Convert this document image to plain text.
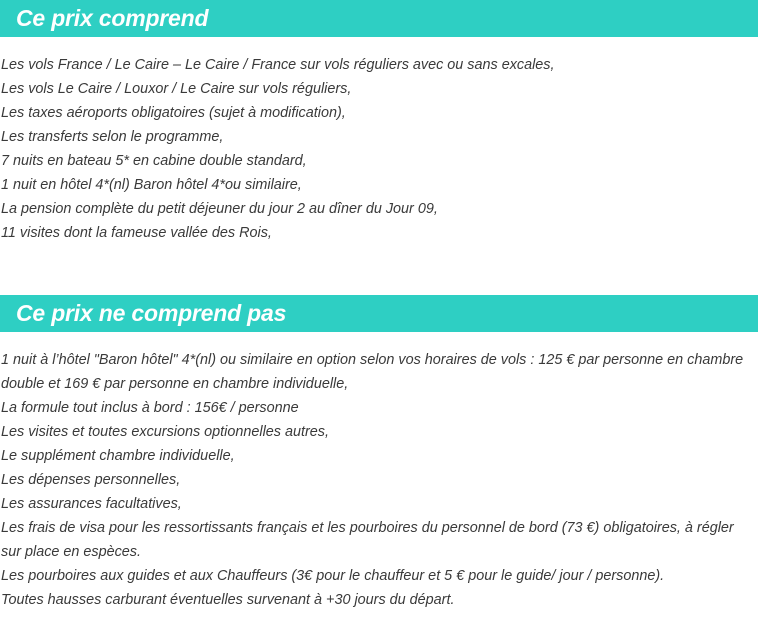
Ce prix comprend
Les vols France / Le Caire – Le Caire / France sur vols réguliers avec ou sans excales,
Les vols Le Caire / Louxor / Le Caire sur vols réguliers,
Les taxes aéroports obligatoires (sujet à modification),
Les transferts selon le programme,
7 nuits en bateau 5* en cabine double standard,
1 nuit en hôtel 4*(nl) Baron hôtel 4*ou similaire,
La pension complète du petit déjeuner du jour 2 au dîner du Jour 09,
11 visites dont la fameuse vallée des Rois,
Ce prix ne comprend pas
1 nuit à l’hôtel "Baron hôtel" 4*(nl) ou similaire en option selon vos horaires de vols : 125 € par personne en chambre double et 169 € par personne en chambre individuelle,
La formule tout inclus à bord : 156€ / personne
Les visites et toutes excursions optionnelles autres,
Le supplément chambre individuelle,
Les dépenses personnelles,
Les assurances facultatives,
Les frais de visa pour les ressortissants français et les pourboires du personnel de bord (73 €) obligatoires, à régler sur place en espèces.
Les pourboires aux guides et aux Chauffeurs (3€ pour le chauffeur et 5 € pour le guide/ jour / personne).
Toutes hausses carburant éventuelles survenant à +30 jours du départ.
